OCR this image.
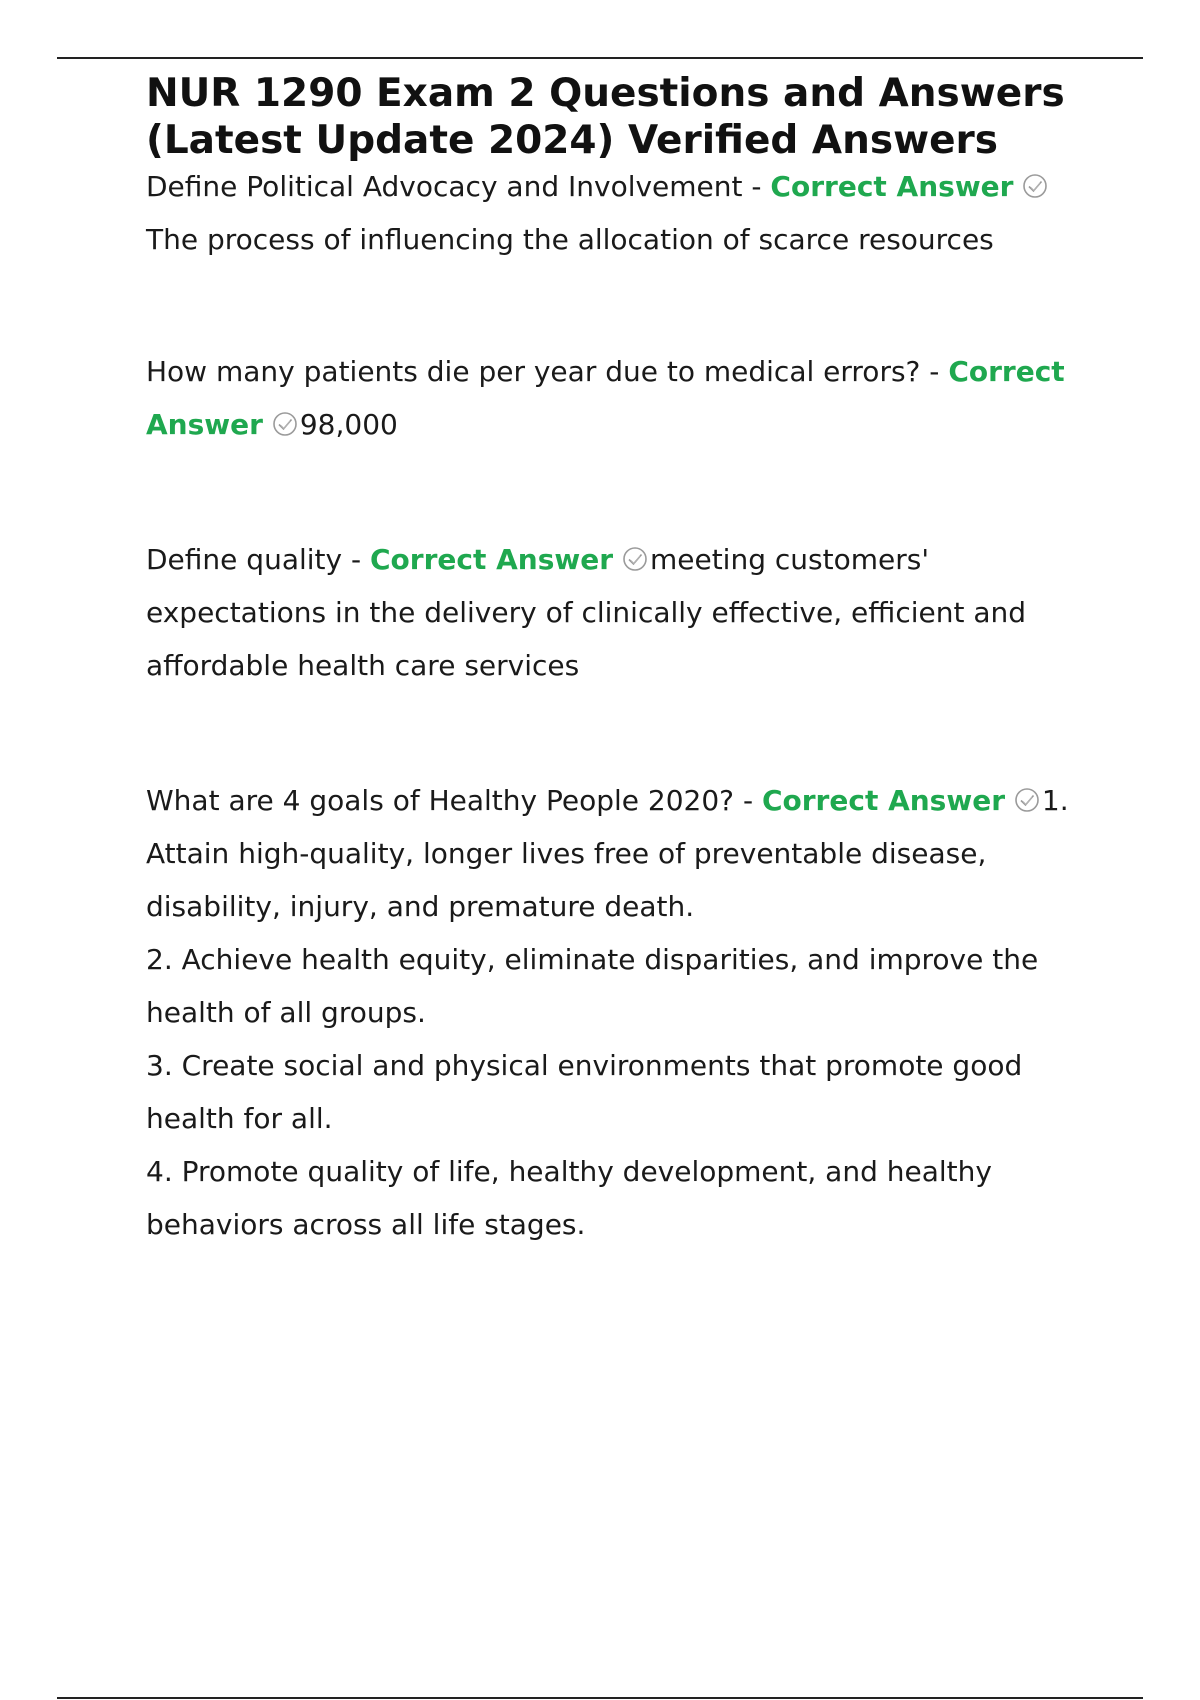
NUR 1290 Exam 2 Questions and Answers (Latest Update 2024) Verified Answers

Define Political Advocacy and Involvement - Correct Answer
The process of influencing the allocation of scarce resources

How many patients die per year due to medical errors? - Correct Answer 98,000

Define quality - Correct Answer meeting customers' expectations in the delivery of clinically effective, efficient and affordable health care services

What are 4 goals of Healthy People 2020? - Correct Answer 1. Attain high-quality, longer lives free of preventable disease, disability, injury, and premature death.

2. Achieve health equity, eliminate disparities, and improve the health of all groups.

3. Create social and physical environments that promote good health for all.

4. Promote quality of life, healthy development, and healthy behaviors across all life stages.
